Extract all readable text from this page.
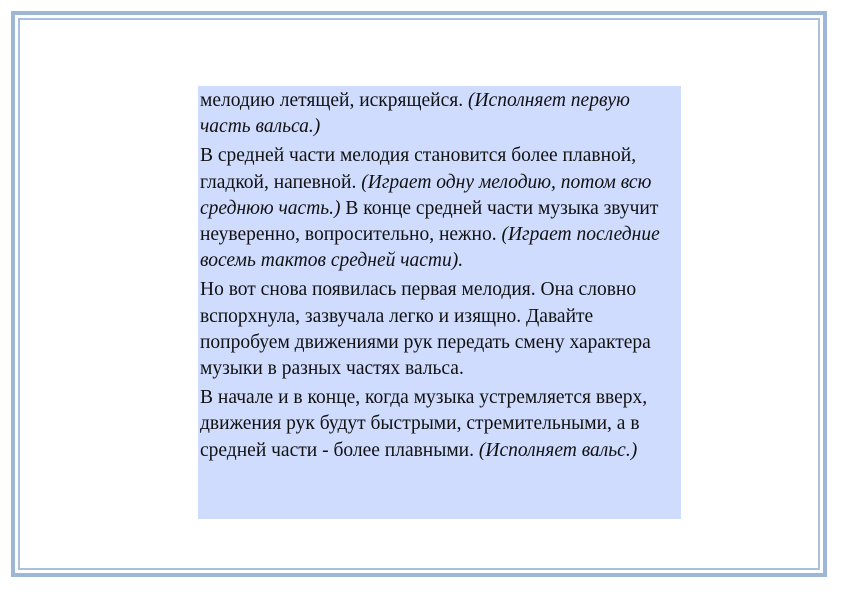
мелодию летящей, искрящейся. (Исполняет первую часть вальса.)

В средней части мелодия становится более плавной, гладкой, напевной. (Играет одну мелодию, потом всю среднюю часть.) В конце средней части музыка звучит неуверенно, вопросительно, нежно. (Играет последние восемь тактов средней части).

Но вот снова появилась первая мелодия. Она словно вспорхнула, зазвучала легко и изящно. Давайте попробуем движениями рук передать смену характера музыки в разных частях вальса.

В начале и в конце, когда музыка устремляется вверх, движения рук будут быстрыми, стремительными, а в средней части - более плавными. (Исполняет вальс.)
